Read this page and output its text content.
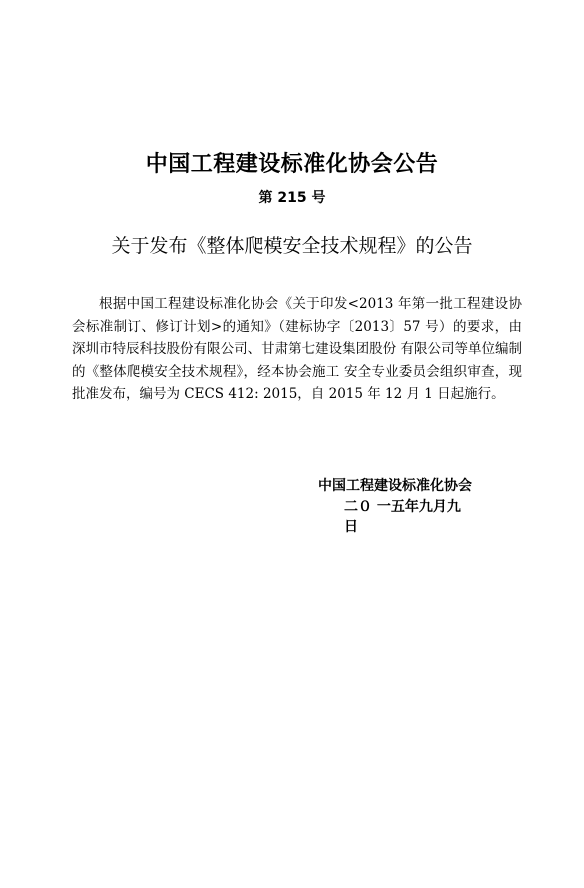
中国工程建设标准化协会公告
第 215 号
关于发布《整体爬模安全技术规程》的公告

根据中国工程建设标准化协会《关于印发<2013 年第一批工程建设协会标准制订、修订计划>的通知》（建标协字〔2013〕57 号）的要求，由深圳市特辰科技股份有限公司、甘肃第七建设集团股份 有限公司等单位编制的《整体爬模安全技术规程》，经本协会施工 安全专业委员会组织审查，现批准发布，编号为 CECS 412: 2015，自 2015 年 12 月 1 日起施行。

中国工程建设标准化协会
二０ 一五年九月九日
